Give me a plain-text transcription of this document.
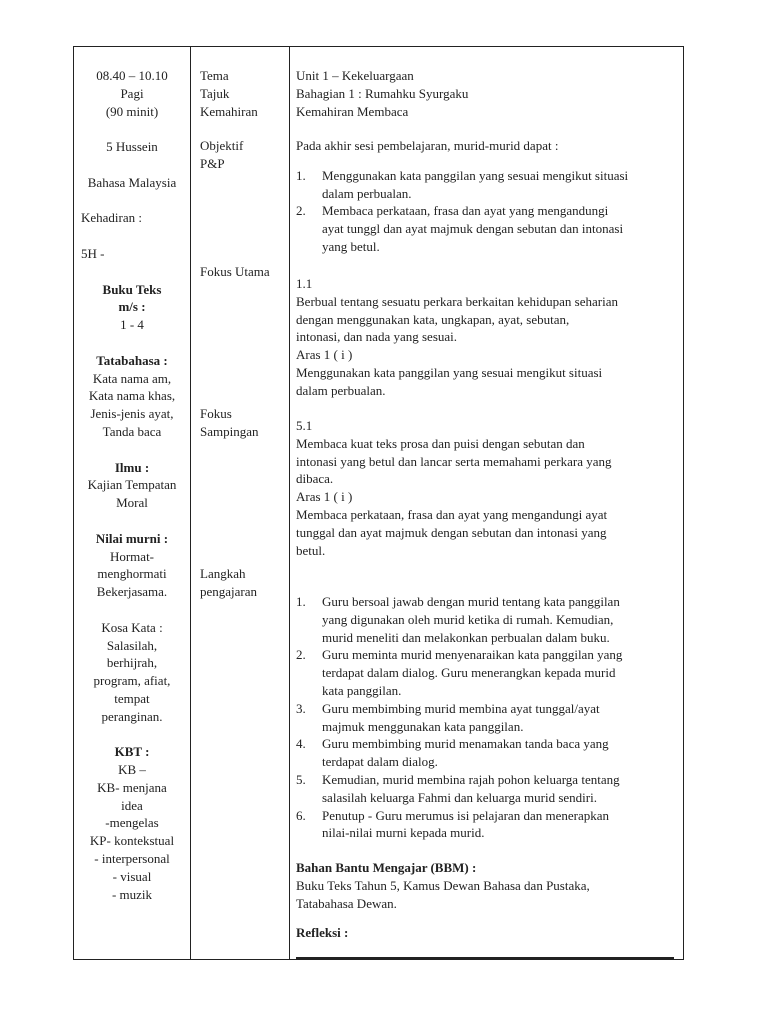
08.40 – 10.10
Pagi
(90 minit)
5 Hussein
Bahasa Malaysia
Kehadiran :
5H -
Buku Teks
m/s :
1 - 4
Tatabahasa :
Kata nama am,
Kata nama khas,
Jenis-jenis ayat,
Tanda baca
Ilmu :
Kajian Tempatan
Moral
Nilai murni :
Hormat-
menghormati
Bekerjasama.
Kosa Kata :
Salasilah,
berhijrah,
program, afiat,
tempat
peranginan.
KBT :
KB –
KB- menjana
idea
-mengelas
KP- kontekstual
- interpersonal
- visual
- muzik
Tema
Tajuk
Kemahiran
Objektif
P&P
Fokus Utama
Fokus
Sampingan
Langkah
pengajaran
Unit 1 – Kekeluargaan
Bahagian 1 : Rumahku Syurgaku
Kemahiran Membaca
Pada akhir sesi pembelajaran, murid-murid dapat :
1. Menggunakan kata panggilan yang sesuai mengikut situasi
dalam perbualan.
2. Membaca perkataan, frasa dan ayat yang mengandungi
ayat tunggl dan ayat majmuk dengan sebutan dan intonasi
yang betul.
1.1
Berbual tentang sesuatu perkara berkaitan kehidupan seharian
dengan menggunakan kata, ungkapan, ayat, sebutan,
intonasi, dan nada yang sesuai.
Aras 1 ( i )
Menggunakan kata panggilan yang sesuai mengikut situasi
dalam perbualan.
5.1
Membaca kuat teks prosa dan puisi dengan sebutan dan
intonasi yang betul dan lancar serta memahami perkara yang
dibaca.
Aras 1 ( i )
Membaca perkataan, frasa dan ayat yang mengandungi ayat
tunggal dan ayat majmuk dengan sebutan dan intonasi yang
betul.
1. Guru bersoal jawab dengan murid tentang kata panggilan
yang digunakan oleh murid ketika di rumah. Kemudian,
murid meneliti dan melakonkan perbualan dalam buku.
2. Guru meminta murid menyenaraikan kata panggilan yang
terdapat dalam dialog. Guru menerangkan kepada murid
kata panggilan.
3. Guru membimbing murid membina ayat tunggal/ayat
majmuk menggunakan kata panggilan.
4. Guru membimbing murid menamakan tanda baca yang
terdapat dalam dialog.
5. Kemudian, murid membina rajah pohon keluarga tentang
salasilah keluarga Fahmi dan keluarga murid sendiri.
6. Penutup - Guru merumus isi pelajaran dan menerapkan
nilai-nilai murni kepada murid.
Bahan Bantu Mengajar (BBM) :
Buku Teks Tahun 5, Kamus Dewan Bahasa dan Pustaka,
Tatabahasa Dewan.
Refleksi :
